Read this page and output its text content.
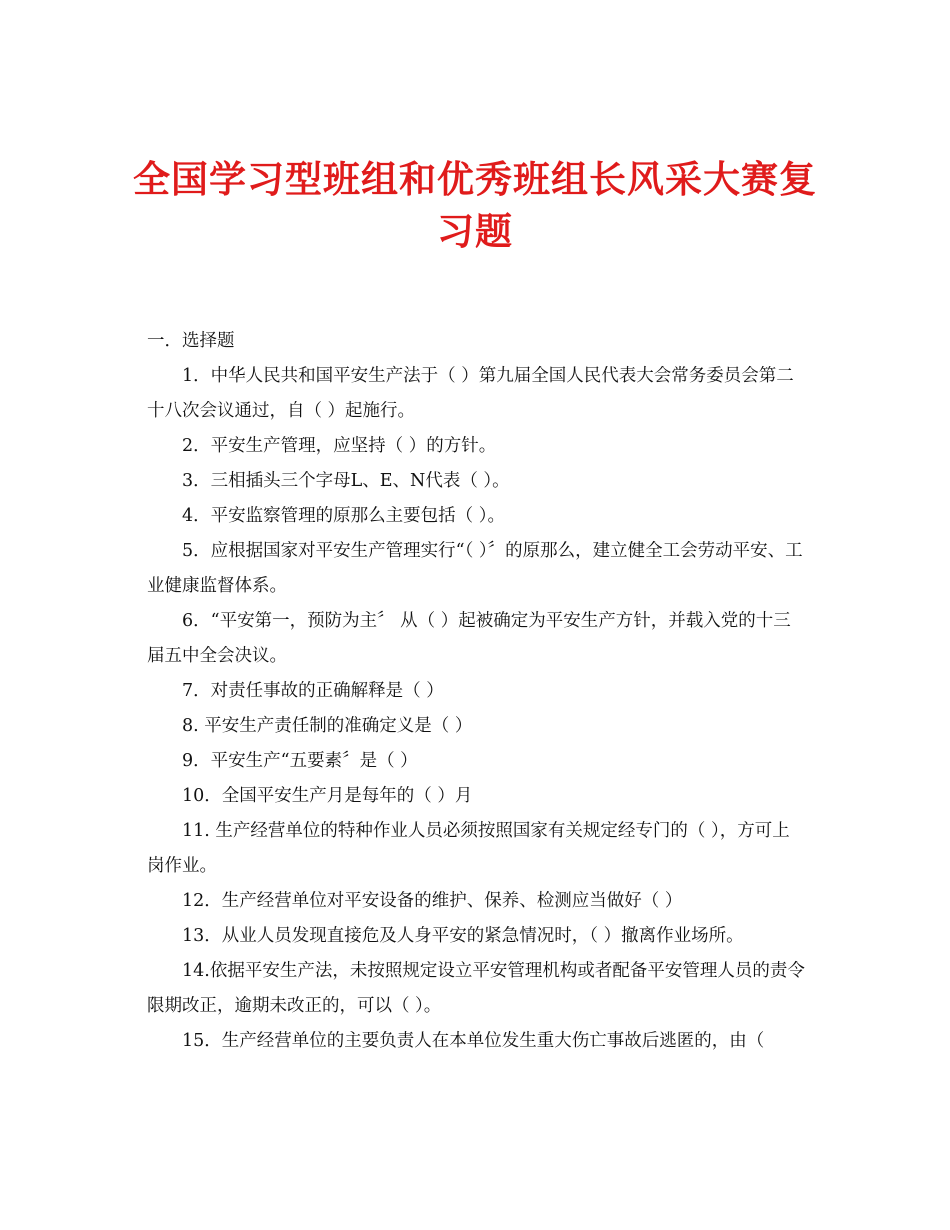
全国学习型班组和优秀班组长风采大赛复习题

一．选择题

1．中华人民共和国平安生产法于（ ）第九届全国人民代表大会常务委员会第二十八次会议通过，自（ ）起施行。

2．平安生产管理，应坚持（ ）的方针。

3．三相插头三个字母L、E、N代表（ ）。

4．平安监察管理的原那么主要包括（ ）。

5．应根据国家对平安生产管理实行“（ ）〞的原那么，建立健全工会劳动平安、工业健康监督体系。

6．“平安第一，预防为主〞 从（ ）起被确定为平安生产方针，并载入党的十三届五中全会决议。

7．对责任事故的正确解释是（ ）

8. 平安生产责任制的准确定义是（ ）

9．平安生产“五要素〞是（ ）

10．全国平安生产月是每年的（ ）月

11. 生产经营单位的特种作业人员必须按照国家有关规定经专门的（ ），方可上岗作业。

12．生产经营单位对平安设备的维护、保养、检测应当做好（ ）

13．从业人员发现直接危及人身平安的紧急情况时，（ ）撤离作业场所。

14.依据平安生产法，未按照规定设立平安管理机构或者配备平安管理人员的责令限期改正，逾期未改正的，可以（ ）。

15．生产经营单位的主要负责人在本单位发生重大伤亡事故后逃匿的，由（
